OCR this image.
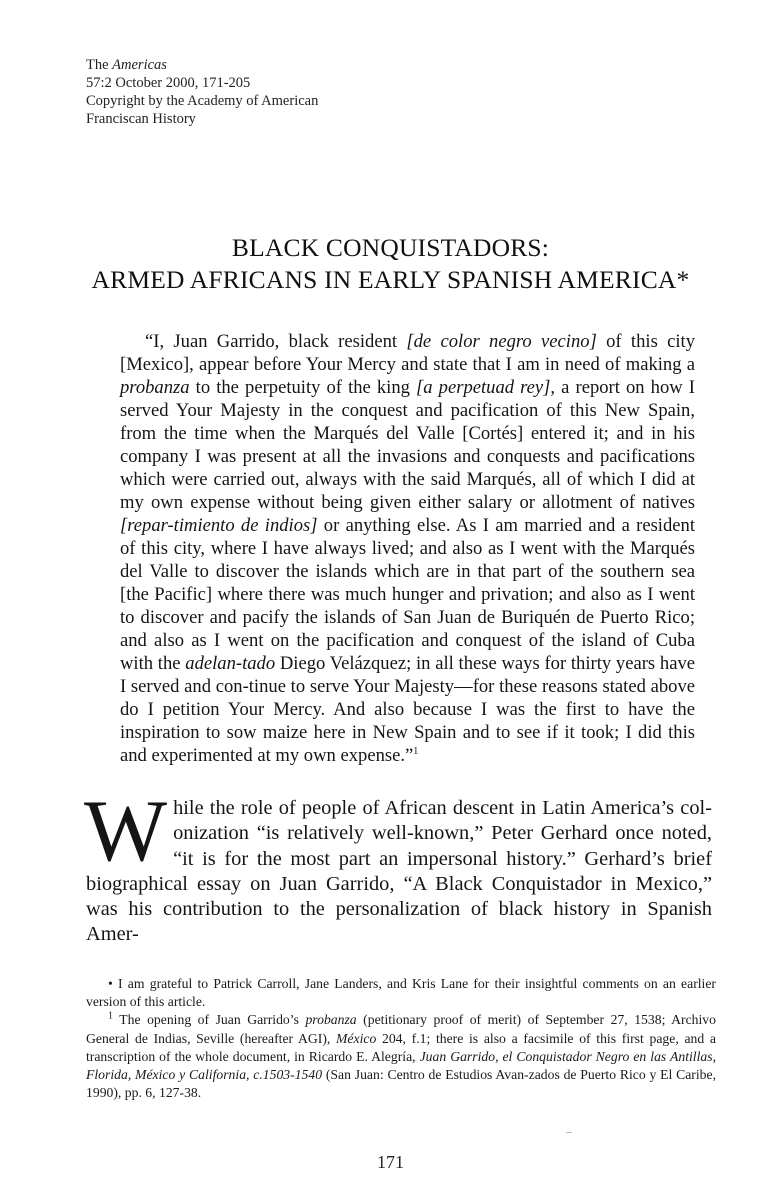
The Americas
57:2 October 2000, 171-205
Copyright by the Academy of American
Franciscan History
BLACK CONQUISTADORS:
ARMED AFRICANS IN EARLY SPANISH AMERICA*

“I, Juan Garrido, black resident [de color negro vecino] of this city [Mexico], appear before Your Mercy and state that I am in need of making a probanza to the perpetuity of the king [a perpetuad rey], a report on how I served Your Majesty in the conquest and pacification of this New Spain, from the time when the Marqués del Valle [Cortés] entered it; and in his company I was present at all the invasions and conquests and pacifications which were carried out, always with the said Marqués, all of which I did at my own expense without being given either salary or allotment of natives [repar-timiento de indios] or anything else. As I am married and a resident of this city, where I have always lived; and also as I went with the Marqués del Valle to discover the islands which are in that part of the southern sea [the Pacific] where there was much hunger and privation; and also as I went to discover and pacify the islands of San Juan de Buriquén de Puerto Rico; and also as I went on the pacification and conquest of the island of Cuba with the adelan-tado Diego Velázquez; in all these ways for thirty years have I served and con-tinue to serve Your Majesty—for these reasons stated above do I petition Your Mercy. And also because I was the first to have the inspiration to sow maize here in New Spain and to see if it took; I did this and experimented at my own expense.”$^1$

While the role of people of African descent in Latin America’s col-onization “is relatively well-known,” Peter Gerhard once noted, “it is for the most part an impersonal history.” Gerhard’s brief biographical essay on Juan Garrido, “A Black Conquistador in Mexico,” was his contribution to the personalization of black history in Spanish Amer-

• I am grateful to Patrick Carroll, Jane Landers, and Kris Lane for their insightful comments on an earlier version of this article.

$^1$ The opening of Juan Garrido’s probanza (petitionary proof of merit) of September 27, 1538; Archivo General de Indias, Seville (hereafter AGI), México 204, f.1; there is also a facsimile of this first page, and a transcription of the whole document, in Ricardo E. Alegría, Juan Garrido, el Conquistador Negro en las Antillas, Florida, México y California, c.1503-1540 (San Juan: Centro de Estudios Avan-zados de Puerto Rico y El Caribe, 1990), pp. 6, 127-38.

171
